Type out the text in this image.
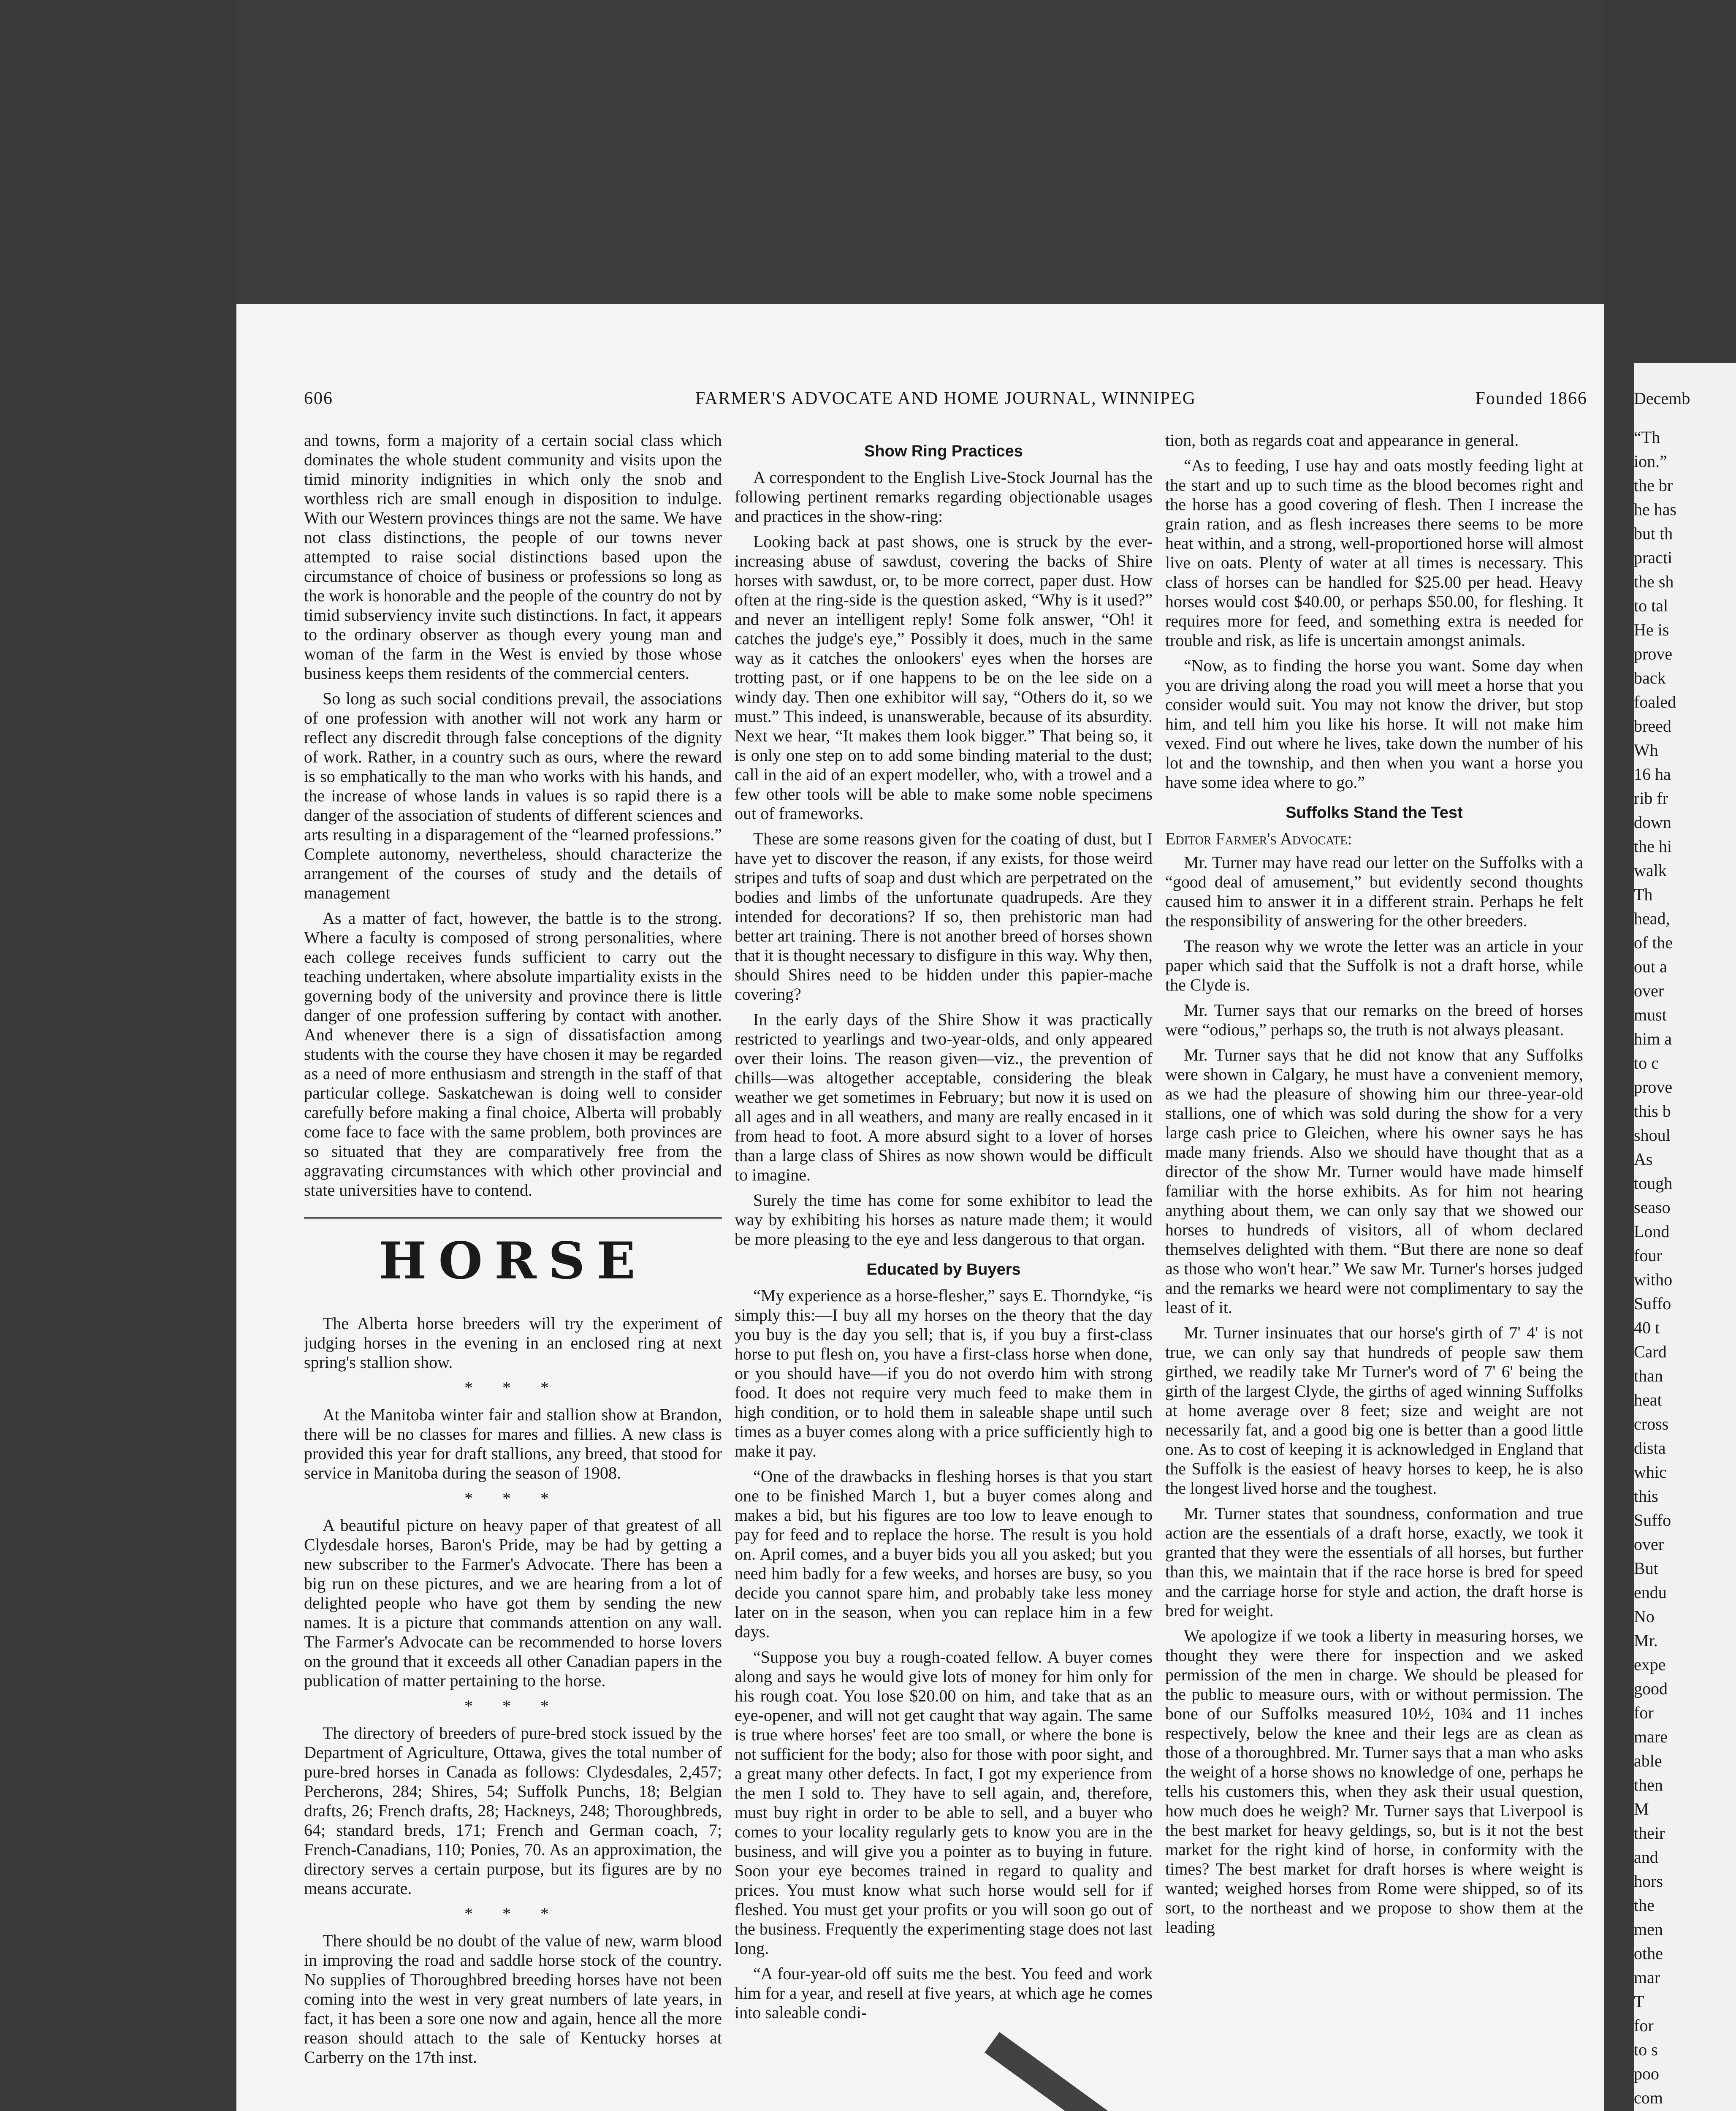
606	FARMER'S ADVOCATE AND HOME JOURNAL, WINNIPEG	Founded 1866

and towns, form a majority of a certain social class which dominates the whole student community and visits upon the timid minority indignities in which only the snob and worthless rich are small enough in disposition to indulge. With our Western provinces things are not the same. We have not class distinctions, the people of our towns never attempted to raise social distinctions based upon the circumstance of choice of business or professions so long as the work is honorable and the people of the country do not by timid subserviency invite such distinctions. In fact, it appears to the ordinary observer as though every young man and woman of the farm in the West is envied by those whose business keeps them residents of the commercial centers.

So long as such social conditions prevail, the associations of one profession with another will not work any harm or reflect any discredit through false conceptions of the dignity of work. Rather, in a country such as ours, where the reward is so emphatically to the man who works with his hands, and the increase of whose lands in values is so rapid there is a danger of the association of students of different sciences and arts resulting in a disparagement of the “learned professions.” Complete autonomy, nevertheless, should characterize the arrangement of the courses of study and the details of management

As a matter of fact, however, the battle is to the strong. Where a faculty is composed of strong personalities, where each college receives funds sufficient to carry out the teaching undertaken, where absolute impartiality exists in the governing body of the university and province there is little danger of one profession suffering by contact with another. And whenever there is a sign of dissatisfaction among students with the course they have chosen it may be regarded as a need of more enthusiasm and strength in the staff of that particular college. Saskatchewan is doing well to consider carefully before making a final choice, Alberta will probably come face to face with the same problem, both provinces are so situated that they are comparatively free from the aggravating circumstances with which other provincial and state universities have to contend.

HORSE

The Alberta horse breeders will try the experiment of judging horses in the evening in an enclosed ring at next spring's stallion show.

* * *

At the Manitoba winter fair and stallion show at Brandon, there will be no classes for mares and fillies. A new class is provided this year for draft stallions, any breed, that stood for service in Manitoba during the season of 1908.

* * *

A beautiful picture on heavy paper of that greatest of all Clydesdale horses, Baron's Pride, may be had by getting a new subscriber to the Farmer's Advocate. There has been a big run on these pictures, and we are hearing from a lot of delighted people who have got them by sending the new names. It is a picture that commands attention on any wall. The Farmer's Advocate can be recommended to horse lovers on the ground that it exceeds all other Canadian papers in the publication of matter pertaining to the horse.

* * *

The directory of breeders of pure-bred stock issued by the Department of Agriculture, Ottawa, gives the total number of pure-bred horses in Canada as follows: Clydesdales, 2,457; Percherons, 284; Shires, 54; Suffolk Punchs, 18; Belgian drafts, 26; French drafts, 28; Hackneys, 248; Thoroughbreds, 64; standard breds, 171; French and German coach, 7; French-Canadians, 110; Ponies, 70. As an approximation, the directory serves a certain purpose, but its figures are by no means accurate.

* * *

There should be no doubt of the value of new, warm blood in improving the road and saddle horse stock of the country. No supplies of Thoroughbred breeding horses have not been coming into the west in very great numbers of late years, in fact, it has been a sore one now and again, hence all the more reason should attach to the sale of Kentucky horses at Carberry on the 17th inst.

Show Ring Practices

A correspondent to the English Live-Stock Journal has the following pertinent remarks regarding objectionable usages and practices in the show-ring:

Looking back at past shows, one is struck by the ever-increasing abuse of sawdust, covering the backs of Shire horses with sawdust, or, to be more correct, paper dust. How often at the ring-side is the question asked, “Why is it used?” and never an intelligent reply! Some folk answer, “Oh! it catches the judge's eye,” Possibly it does, much in the same way as it catches the onlookers' eyes when the horses are trotting past, or if one happens to be on the lee side on a windy day. Then one exhibitor will say, “Others do it, so we must.” This indeed, is unanswerable, because of its absurdity. Next we hear, “It makes them look bigger.” That being so, it is only one step on to add some binding material to the dust; call in the aid of an expert modeller, who, with a trowel and a few other tools will be able to make some noble specimens out of frameworks.

These are some reasons given for the coating of dust, but I have yet to discover the reason, if any exists, for those weird stripes and tufts of soap and dust which are perpetrated on the bodies and limbs of the unfortunate quadrupeds. Are they intended for decorations? If so, then prehistoric man had better art training. There is not another breed of horses shown that it is thought necessary to disfigure in this way. Why then, should Shires need to be hidden under this papier-mache covering?

In the early days of the Shire Show it was practically restricted to yearlings and two-year-olds, and only appeared over their loins. The reason given—viz., the prevention of chills—was altogether acceptable, considering the bleak weather we get sometimes in February; but now it is used on all ages and in all weathers, and many are really encased in it from head to foot. A more absurd sight to a lover of horses than a large class of Shires as now shown would be difficult to imagine.

Surely the time has come for some exhibitor to lead the way by exhibiting his horses as nature made them; it would be more pleasing to the eye and less dangerous to that organ.

Educated by Buyers

“My experience as a horse-flesher,” says E. Thorndyke, “is simply this:—I buy all my horses on the theory that the day you buy is the day you sell; that is, if you buy a first-class horse to put flesh on, you have a first-class horse when done, or you should have—if you do not overdo him with strong food. It does not require very much feed to make them in high condition, or to hold them in saleable shape until such times as a buyer comes along with a price sufficiently high to make it pay.

“One of the drawbacks in fleshing horses is that you start one to be finished March 1, but a buyer comes along and makes a bid, but his figures are too low to leave enough to pay for feed and to replace the horse. The result is you hold on. April comes, and a buyer bids you all you asked; but you need him badly for a few weeks, and horses are busy, so you decide you cannot spare him, and probably take less money later on in the season, when you can replace him in a few days.

“Suppose you buy a rough-coated fellow. A buyer comes along and says he would give lots of money for him only for his rough coat. You lose $20.00 on him, and take that as an eye-opener, and will not get caught that way again. The same is true where horses' feet are too small, or where the bone is not sufficient for the body; also for those with poor sight, and a great many other defects. In fact, I got my experience from the men I sold to. They have to sell again, and, therefore, must buy right in order to be able to sell, and a buyer who comes to your locality regularly gets to know you are in the business, and will give you a pointer as to buying in future. Soon your eye becomes trained in regard to quality and prices. You must know what such horse would sell for if fleshed. You must get your profits or you will soon go out of the business. Frequently the experimenting stage does not last long.

“A four-year-old off suits me the best. You feed and work him for a year, and resell at five years, at which age he comes into saleable condi-

tion, both as regards coat and appearance in general.

“As to feeding, I use hay and oats mostly feeding light at the start and up to such time as the blood becomes right and the horse has a good covering of flesh. Then I increase the grain ration, and as flesh increases there seems to be more heat within, and a strong, well-proportioned horse will almost live on oats. Plenty of water at all times is necessary. This class of horses can be handled for $25.00 per head. Heavy horses would cost $40.00, or perhaps $50.00, for fleshing. It requires more for feed, and something extra is needed for trouble and risk, as life is uncertain amongst animals.

“Now, as to finding the horse you want. Some day when you are driving along the road you will meet a horse that you consider would suit. You may not know the driver, but stop him, and tell him you like his horse. It will not make him vexed. Find out where he lives, take down the number of his lot and the township, and then when you want a horse you have some idea where to go.”

Suffolks Stand the Test
Editor Farmer's Advocate:

Mr. Turner may have read our letter on the Suffolks with a “good deal of amusement,” but evidently second thoughts caused him to answer it in a different strain. Perhaps he felt the responsibility of answering for the other breeders.

The reason why we wrote the letter was an article in your paper which said that the Suffolk is not a draft horse, while the Clyde is.

Mr. Turner says that our remarks on the breed of horses were “odious,” perhaps so, the truth is not always pleasant.

Mr. Turner says that he did not know that any Suffolks were shown in Calgary, he must have a convenient memory, as we had the pleasure of showing him our three-year-old stallions, one of which was sold during the show for a very large cash price to Gleichen, where his owner says he has made many friends. Also we should have thought that as a director of the show Mr. Turner would have made himself familiar with the horse exhibits. As for him not hearing anything about them, we can only say that we showed our horses to hundreds of visitors, all of whom declared themselves delighted with them. “But there are none so deaf as those who won't hear.” We saw Mr. Turner's horses judged and the remarks we heard were not complimentary to say the least of it.

Mr. Turner insinuates that our horse's girth of 7' 4' is not true, we can only say that hundreds of people saw them girthed, we readily take Mr Turner's word of 7' 6' being the girth of the largest Clyde, the girths of aged winning Suffolks at home average over 8 feet; size and weight are not necessarily fat, and a good big one is better than a good little one. As to cost of keeping it is acknowledged in England that the Suffolk is the easiest of heavy horses to keep, he is also the longest lived horse and the toughest.

Mr. Turner states that soundness, conformation and true action are the essentials of a draft horse, exactly, we took it granted that they were the essentials of all horses, but further than this, we maintain that if the race horse is bred for speed and the carriage horse for style and action, the draft horse is bred for weight.

We apologize if we took a liberty in measuring horses, we thought they were there for inspection and we asked permission of the men in charge. We should be pleased for the public to measure ours, with or without permission. The bone of our Suffolks measured 10½, 10¾ and 11 inches respectively, below the knee and their legs are as clean as those of a thoroughbred. Mr. Turner says that a man who asks the weight of a horse shows no knowledge of one, perhaps he tells his customers this, when they ask their usual question, how much does he weigh? Mr. Turner says that Liverpool is the best market for heavy geldings, so, but is it not the best market for the right kind of horse, in conformity with the times? The best market for draft horses is where weight is wanted; weighed horses from Rome were shipped, so of its sort, to the northeast and we propose to show them at the leading

Decemb
“Th
ion.”
the br
he has
but th
practi
the sh
to tal
He is
prove
back
foaled
breed
Wh
16 ha
rib fr
down
the hi
walk
Th
head,
of the
out a
over
must
him a
to c
prove
this b
shoul
As
tough
seaso
Lond
four
witho
Suffo
40 t
Card
than
heat
cross
dista
whic
this
Suffo
over
But
endu
No
Mr.
expe
good
for
mare
able
then
M
their
and
hors
the
men
othe
mar
T
for
to s
poo
com
